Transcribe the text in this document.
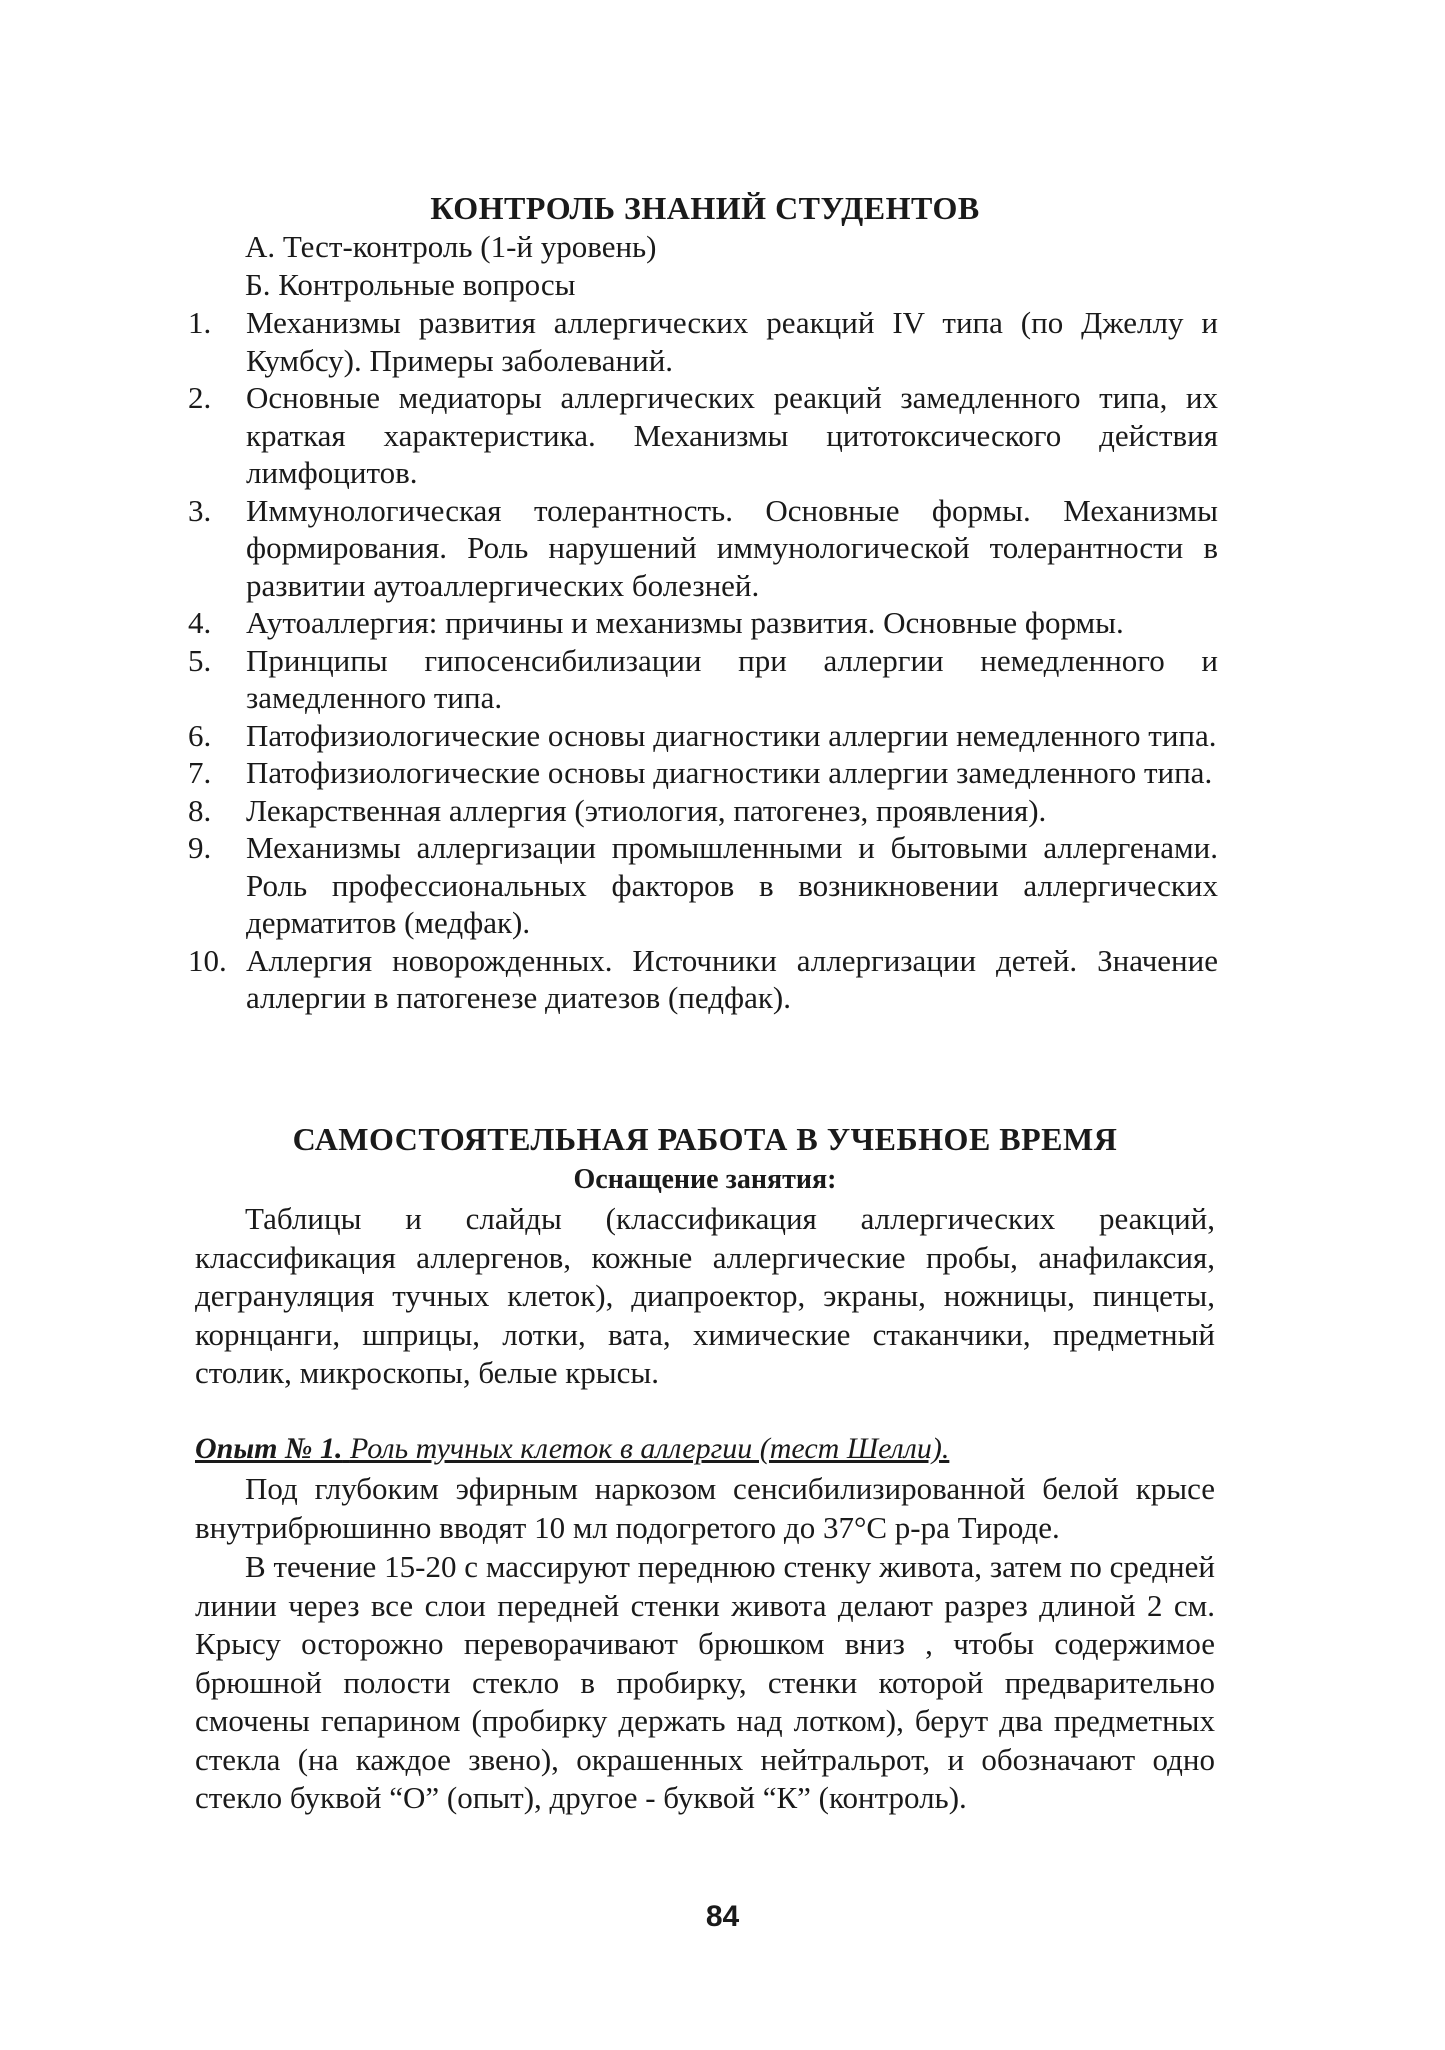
КОНТРОЛЬ ЗНАНИЙ СТУДЕНТОВ
А. Тест-контроль (1-й уровень)
Б. Контрольные вопросы
1.	Механизмы развития аллергических реакций IV типа (по Джеллу и Кумбсу). Примеры заболеваний.
2.	Основные медиаторы аллергических реакций замедленного типа, их краткая характеристика. Механизмы цитотоксического действия лимфоцитов.
3.	Иммунологическая толерантность. Основные формы. Механизмы формирования. Роль нарушений иммунологической толерантности в развитии аутоаллергических болезней.
4.	Аутоаллергия: причины и механизмы развития. Основные формы.
5.	Принципы гипосенсибилизации при аллергии немедленного и замедленного типа.
6.	Патофизиологические основы диагностики аллергии немедленного типа.
7.	Патофизиологические основы диагностики аллергии замедленного типа.
8.	Лекарственная аллергия (этиология, патогенез, проявления).
9.	Механизмы аллергизации промышленными и бытовыми аллергенами. Роль профессиональных факторов в возникновении аллергических дерматитов (медфак).
10. Аллергия новорожденных. Источники аллергизации детей. Значение аллергии в патогенезе диатезов (педфак).
САМОСТОЯТЕЛЬНАЯ РАБОТА В УЧЕБНОЕ ВРЕМЯ
Оснащение занятия:

Таблицы и слайды (классификация аллергических реакций, классификация аллергенов, кожные аллергические пробы, анафилаксия, дегрануляция тучных клеток), диапроектор, экраны, ножницы, пинцеты, корнцанги, шприцы, лотки, вата, химические стаканчики, предметный столик, микроскопы, белые крысы.

Опыт № 1. Роль тучных клеток в аллергии (тест Шелли).

Под глубоким эфирным наркозом сенсибилизированной белой крысе внутрибрюшинно вводят 10 мл подогретого до 37°С р-ра Тироде.

В течение 15-20 с массируют переднюю стенку живота, затем по средней линии через все слои передней стенки живота делают разрез длиной 2 см. Крысу осторожно переворачивают брюшком вниз , чтобы содержимое брюшной полости стекло в пробирку, стенки которой предварительно смочены гепарином (пробирку держать над лотком), берут два предметных стекла (на каждое звено), окрашенных нейтральрот, и обозначают одно стекло буквой “О” (опыт), другое - буквой “К” (контроль).

84
